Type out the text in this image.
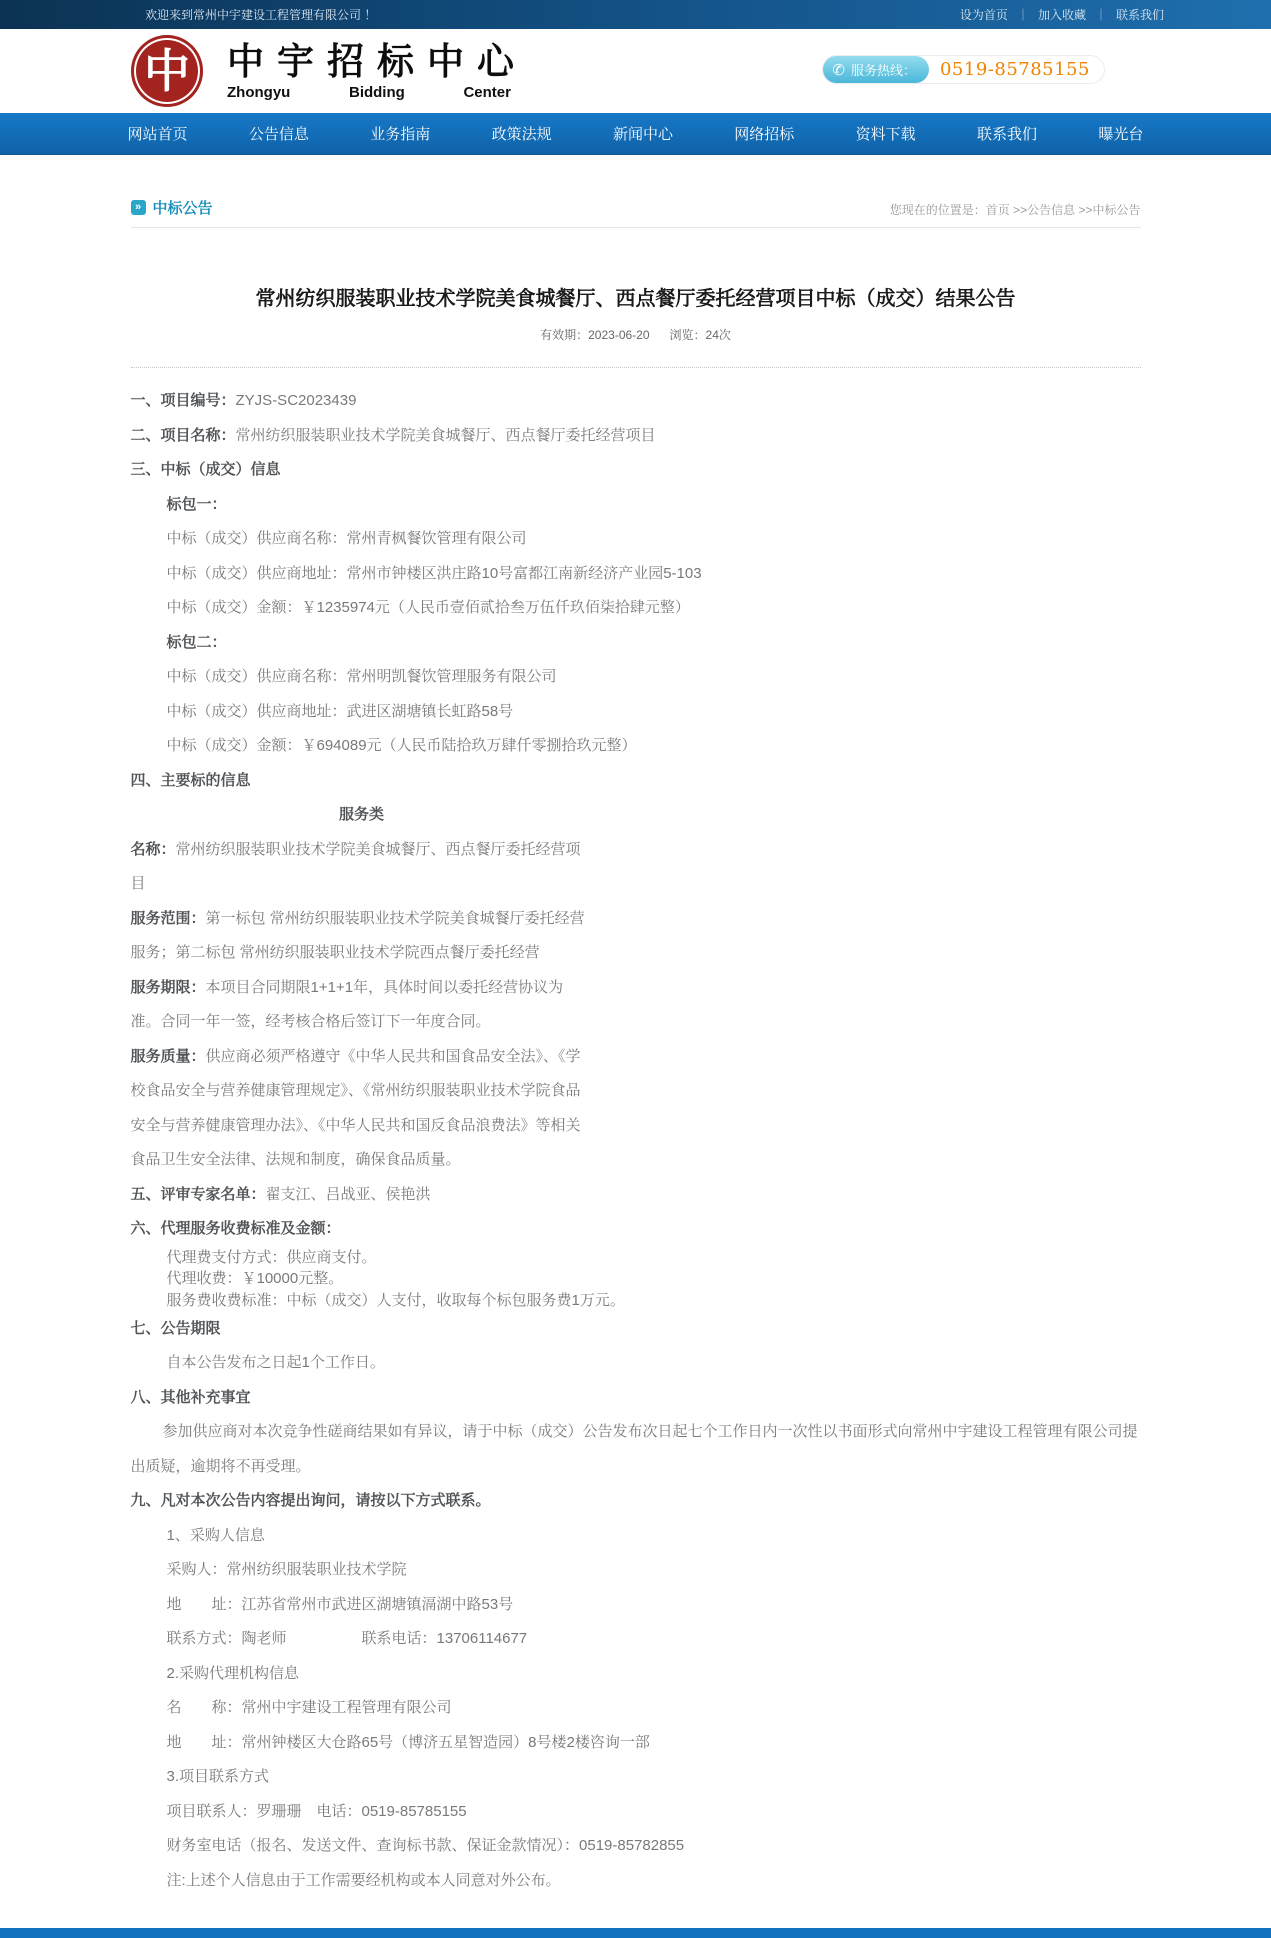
欢迎来到常州中宇建设工程管理有限公司 ！	设为首页 ｜ 加入收藏 ｜ 联系我们
中	中宇招标中心
Zhongyu	Bidding	Center
✆ 服务热线：	0519-85785155
网站首页	公告信息	业务指南	政策法规	新闻中心	网络招标	资料下载	联系我们	曝光台
» 中标公告	您现在的位置是：首页 >>公告信息 >>中标公告
常州纺织服装职业技术学院美食城餐厅、西点餐厅委托经营项目中标（成交）结果公告
有效期：2023-06-20 浏览：24次
一、项目编号：ZYJS-SC2023439
二、项目名称：常州纺织服装职业技术学院美食城餐厅、西点餐厅委托经营项目
三、中标（成交）信息
标包一：
中标（成交）供应商名称：常州青枫餐饮管理有限公司
中标（成交）供应商地址：常州市钟楼区洪庄路10号富都江南新经济产业园5-103
中标（成交）金额：￥1235974元（人民币壹佰贰拾叁万伍仟玖佰柒拾肆元整）
标包二：
中标（成交）供应商名称：常州明凯餐饮管理服务有限公司
中标（成交）供应商地址：武进区湖塘镇长虹路58号
中标（成交）金额：￥694089元（人民币陆拾玖万肆仟零捌拾玖元整）
四、主要标的信息
服务类
名称：常州纺织服装职业技术学院美食城餐厅、西点餐厅委托经营项目
服务范围：第一标包 常州纺织服装职业技术学院美食城餐厅委托经营服务；第二标包 常州纺织服装职业技术学院西点餐厅委托经营
服务期限：本项目合同期限1+1+1年，具体时间以委托经营协议为准。合同一年一签，经考核合格后签订下一年度合同。
服务质量：供应商必须严格遵守《中华人民共和国食品安全法》、《学校食品安全与营养健康管理规定》、《常州纺织服装职业技术学院食品安全与营养健康管理办法》、《中华人民共和国反食品浪费法》等相关食品卫生安全法律、法规和制度，确保食品质量。
五、评审专家名单：翟支江、吕战亚、侯艳洪
六、代理服务收费标准及金额：
代理费支付方式：供应商支付。
代理收费：￥10000元整。
服务费收费标准：中标（成交）人支付，收取每个标包服务费1万元。
七、公告期限
自本公告发布之日起1个工作日。
八、其他补充事宜
参加供应商对本次竞争性磋商结果如有异议，请于中标（成交）公告发布次日起七个工作日内一次性以书面形式向常州中宇建设工程管理有限公司提出质疑，逾期将不再受理。
九、凡对本次公告内容提出询问，请按以下方式联系。
1、采购人信息
采购人：常州纺织服装职业技术学院
地　　址：江苏省常州市武进区湖塘镇滆湖中路53号
联系方式：陶老师　　　　　联系电话：13706114677
2.采购代理机构信息
名　　称：常州中宇建设工程管理有限公司
地　　址：常州钟楼区大仓路65号（博济五星智造园）8号楼2楼咨询一部
3.项目联系方式
项目联系人：罗珊珊　电话：0519-85785155
财务室电话（报名、发送文件、查询标书款、保证金款情况）：0519-85782855
注:上述个人信息由于工作需要经机构或本人同意对外公布。
